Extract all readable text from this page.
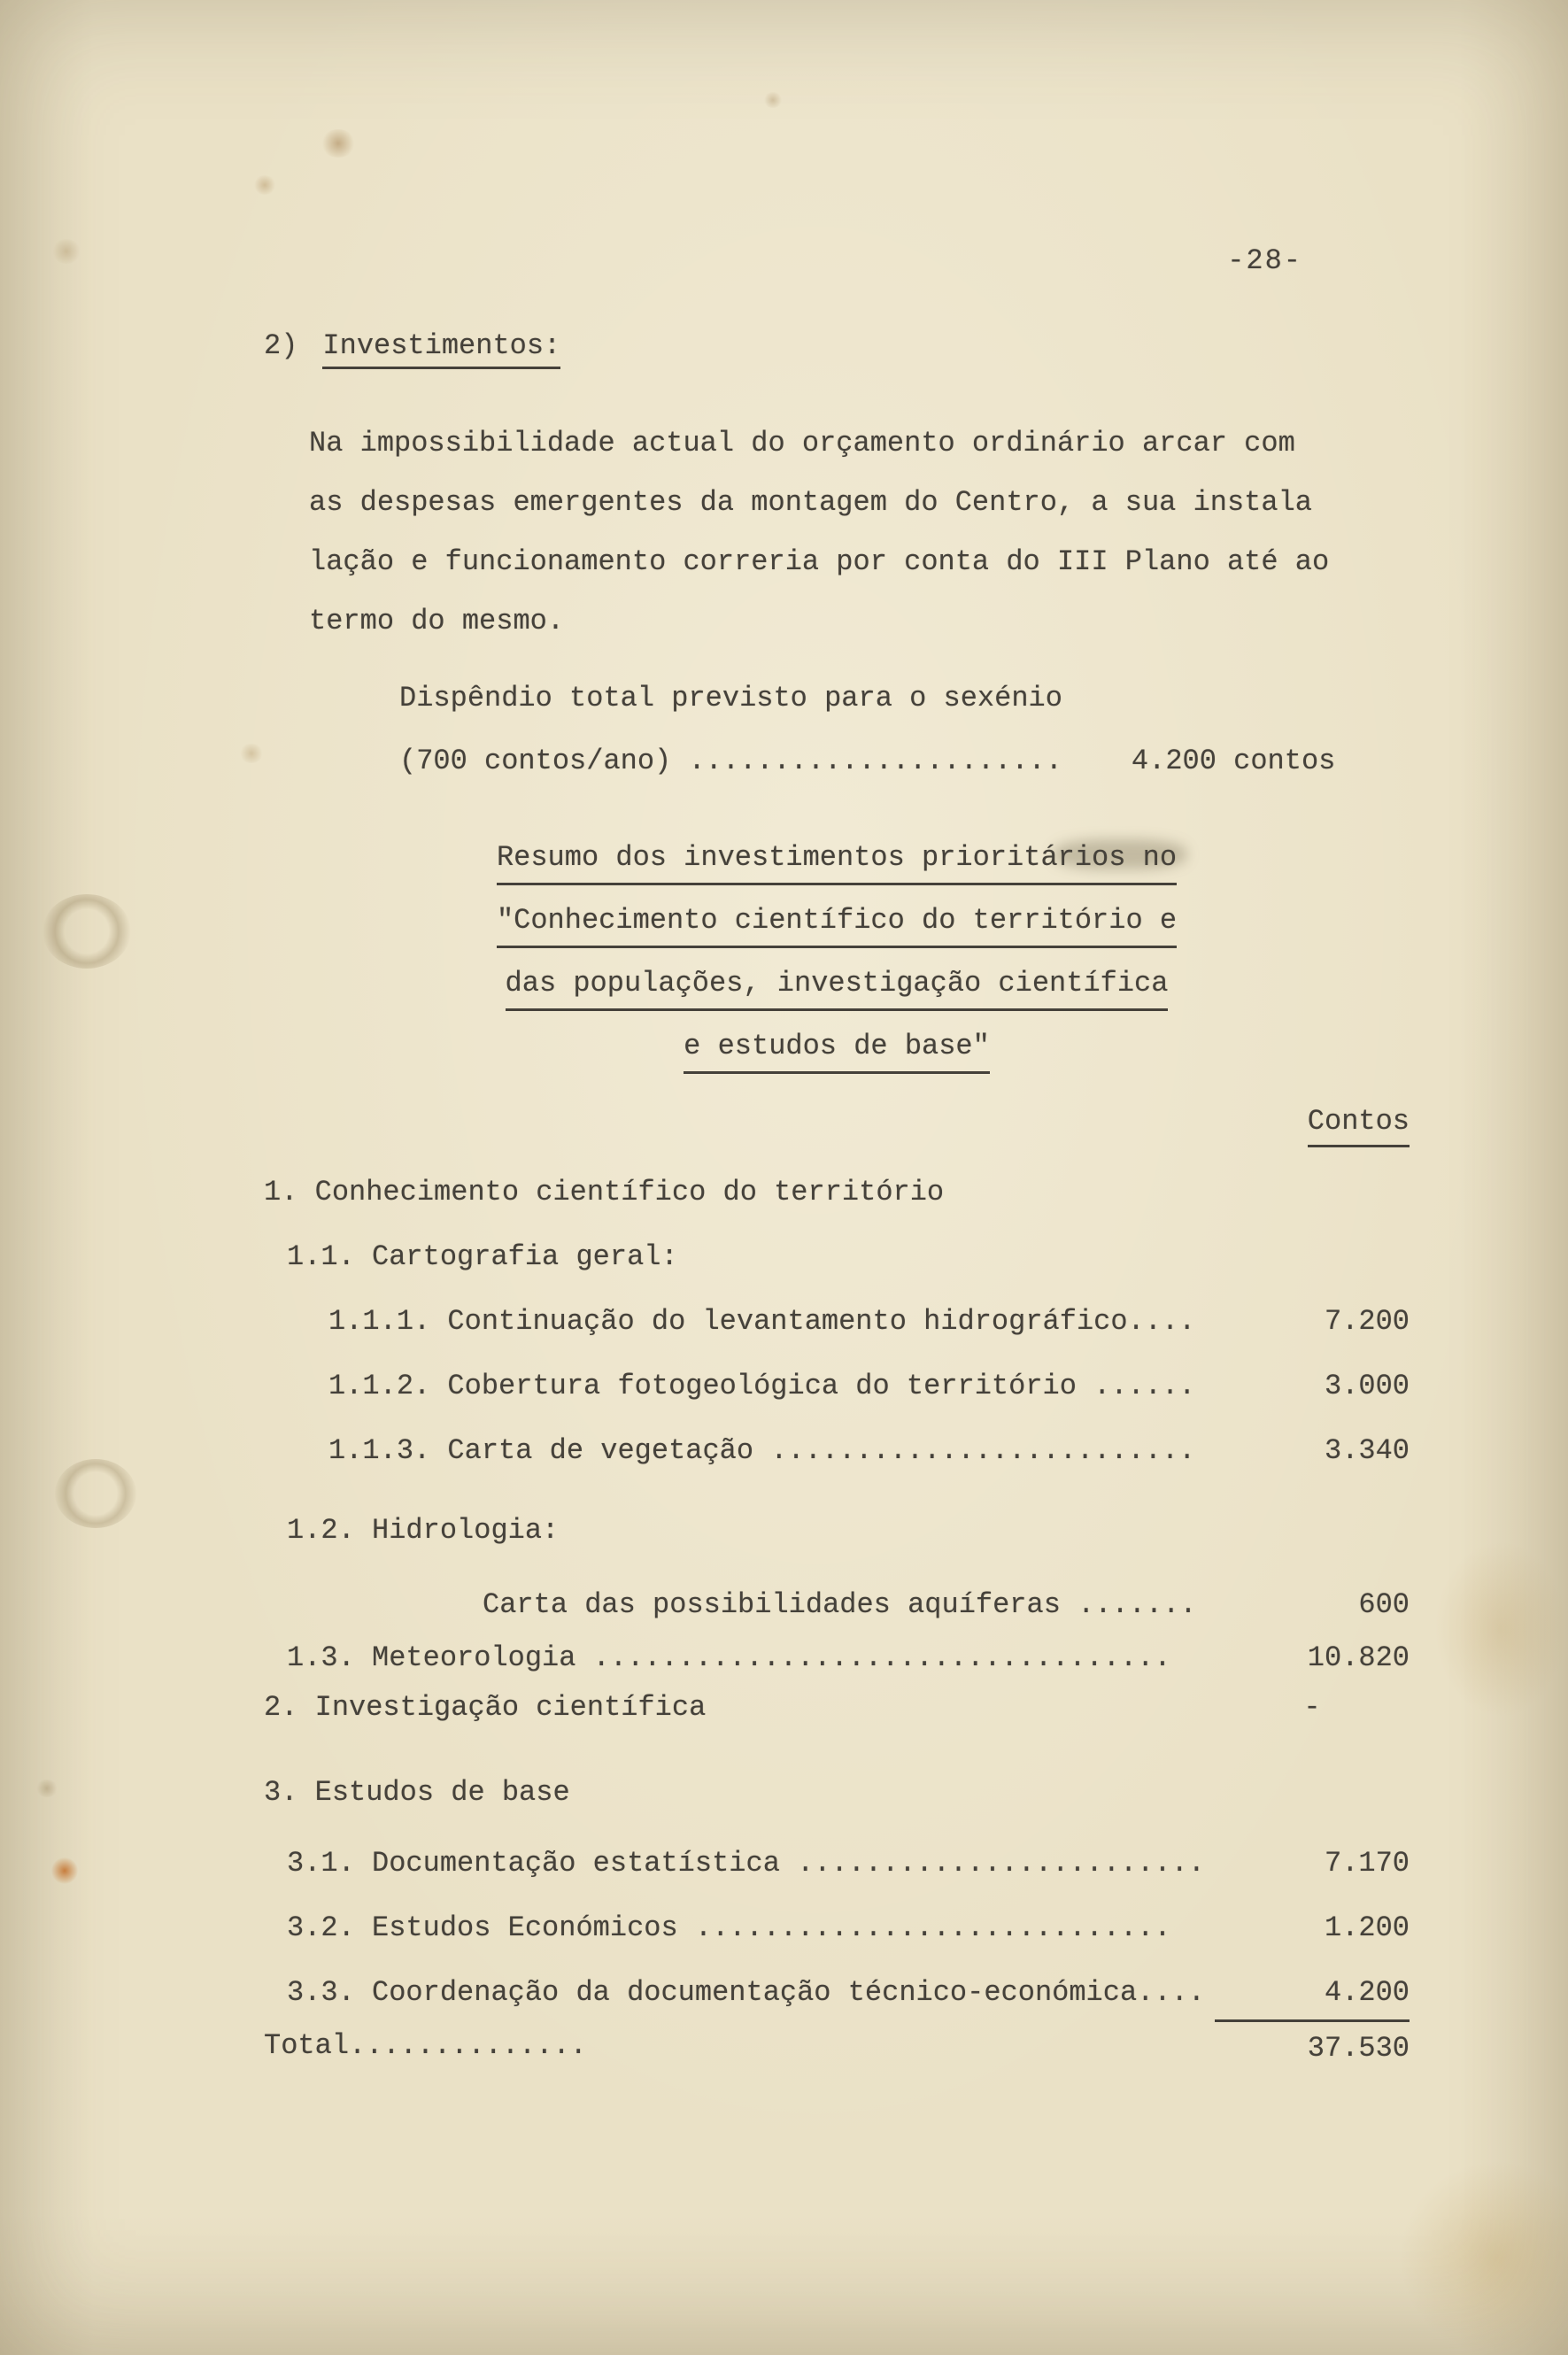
-28-
2) Investimentos:
Na impossibilidade actual do orçamento ordinário arcar com
as despesas emergentes da montagem do Centro, a sua instala
lação e funcionamento correria por conta do III Plano até ao
termo do mesmo.
Dispêndio total previsto para o sexénio
(700 contos/ano) ...................... 4.200 contos
Resumo dos investimentos prioritários no
"Conhecimento científico do território e
das populações, investigação científica
e estudos de base"
Contos
1. Conhecimento científico do território
1.1. Cartografia geral:
1.1.1. Continuação do levantamento hidrográfico....	7.200
1.1.2. Cobertura fotogeológica do território ......	3.000
1.1.3. Carta de vegetação .........................	3.340
1.2. Hidrologia:
Carta das possibilidades aquíferas .......	600
1.3. Meteorologia ..................................	10.820
2. Investigação científica	-
3. Estudos de base
3.1. Documentação estatística ........................	7.170
3.2. Estudos Económicos ............................	1.200
3.3. Coordenação da documentação técnico-económica....	4.200
Total..............	37.530
